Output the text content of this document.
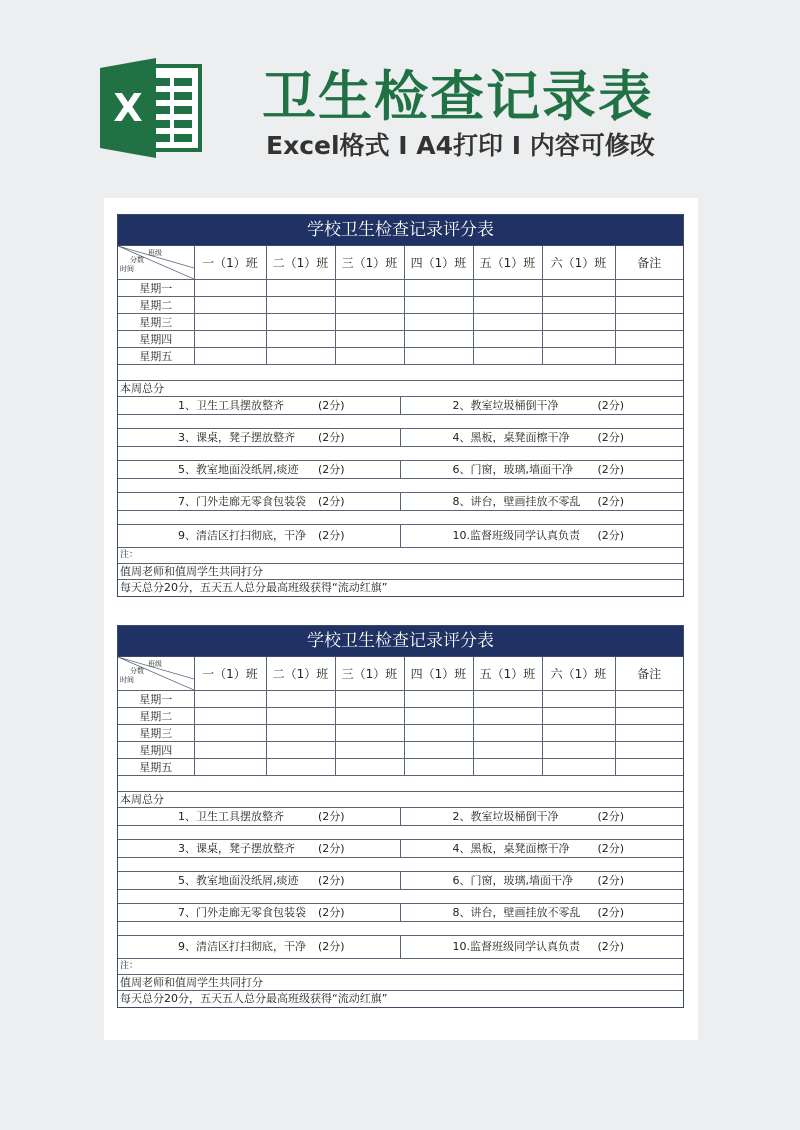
X 卫生检查记录表
Excel格式 I A4打印 I 内容可修改
学校卫生检查记录评分表
班级
分数
时间	一（1）班	二（1）班	三（1）班	四（1）班	五（1）班	六（1）班	备注
星期一							
星期二							
星期三							
星期四							
星期五							
本周总分
1、卫生工具摆放整齐	(2分)	2、教室垃圾桶倒干净	(2分)
3、课桌，凳子摆放整齐 (2分)	4、黑板，桌凳面檫干净	(2分)
5、教室地面没纸屑,痰迹 (2分)	6、门窗，玻璃,墙面干净 (2分)
7、门外走廊无零食包装袋 (2分)	8、讲台，壁画挂放不零乱 (2分)
9、清洁区打扫彻底，干净 (2分)	10.监督班级同学认真负责 (2分)
注：
值周老师和值周学生共同打分
每天总分20分，五天五人总分最高班级获得“流动红旗”
学校卫生检查记录评分表
班级
分数
时间	一（1）班	二（1）班	三（1）班	四（1）班	五（1）班	六（1）班	备注
星期一							
星期二							
星期三							
星期四							
星期五							
本周总分
1、卫生工具摆放整齐	(2分)	2、教室垃圾桶倒干净	(2分)
3、课桌，凳子摆放整齐 (2分)	4、黑板，桌凳面檫干净	(2分)
5、教室地面没纸屑,痰迹 (2分)	6、门窗，玻璃,墙面干净 (2分)
7、门外走廊无零食包装袋 (2分)	8、讲台，壁画挂放不零乱 (2分)
9、清洁区打扫彻底，干净 (2分)	10.监督班级同学认真负责 (2分)
注：
值周老师和值周学生共同打分
每天总分20分，五天五人总分最高班级获得“流动红旗”
